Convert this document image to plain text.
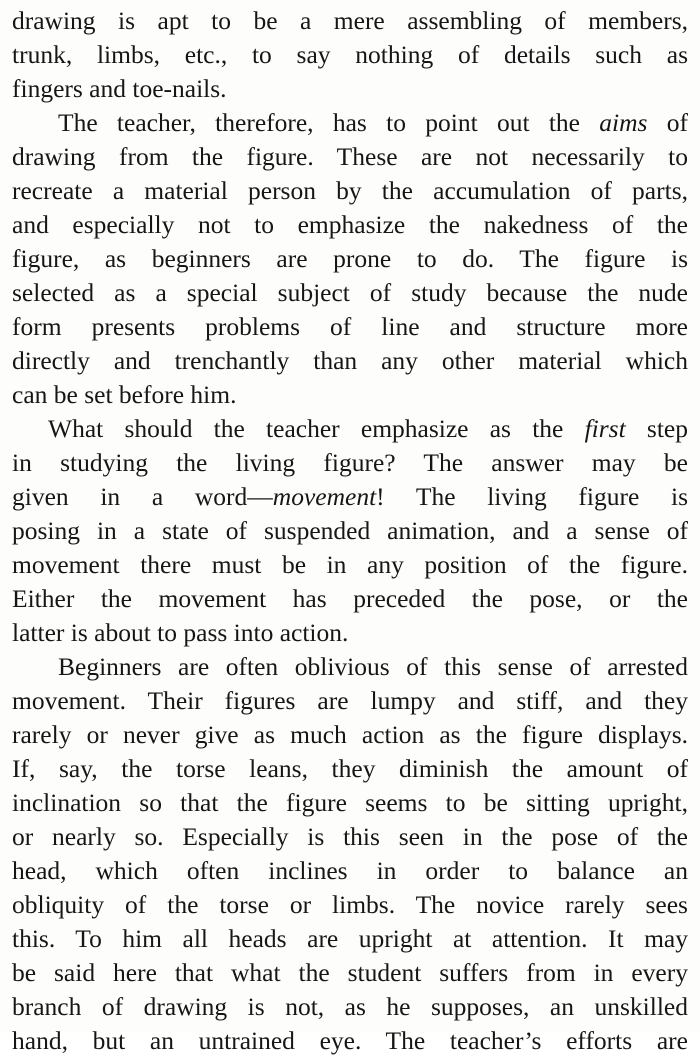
drawing is apt to be a mere assembling of members,
trunk, limbs, etc., to say nothing of details such as
fingers and toe-nails.
The teacher, therefore, has to point out the aims of
drawing from the figure. These are not necessarily to
recreate a material person by the accumulation of parts,
and especially not to emphasize the nakedness of the
figure, as beginners are prone to do. The figure is
selected as a special subject of study because the nude
form presents problems of line and structure more
directly and trenchantly than any other material which
can be set before him.
What should the teacher emphasize as the first step
in studying the living figure? The answer may be
given in a word—movement! The living figure is
posing in a state of suspended animation, and a sense of
movement there must be in any position of the figure.
Either the movement has preceded the pose, or the
latter is about to pass into action.
Beginners are often oblivious of this sense of arrested
movement. Their figures are lumpy and stiff, and they
rarely or never give as much action as the figure displays.
If, say, the torse leans, they diminish the amount of
inclination so that the figure seems to be sitting upright,
or nearly so. Especially is this seen in the pose of the
head, which often inclines in order to balance an
obliquity of the torse or limbs. The novice rarely sees
this. To him all heads are upright at attention. It may
be said here that what the student suffers from in every
branch of drawing is not, as he supposes, an unskilled
hand, but an untrained eye. The teacher’s efforts are
